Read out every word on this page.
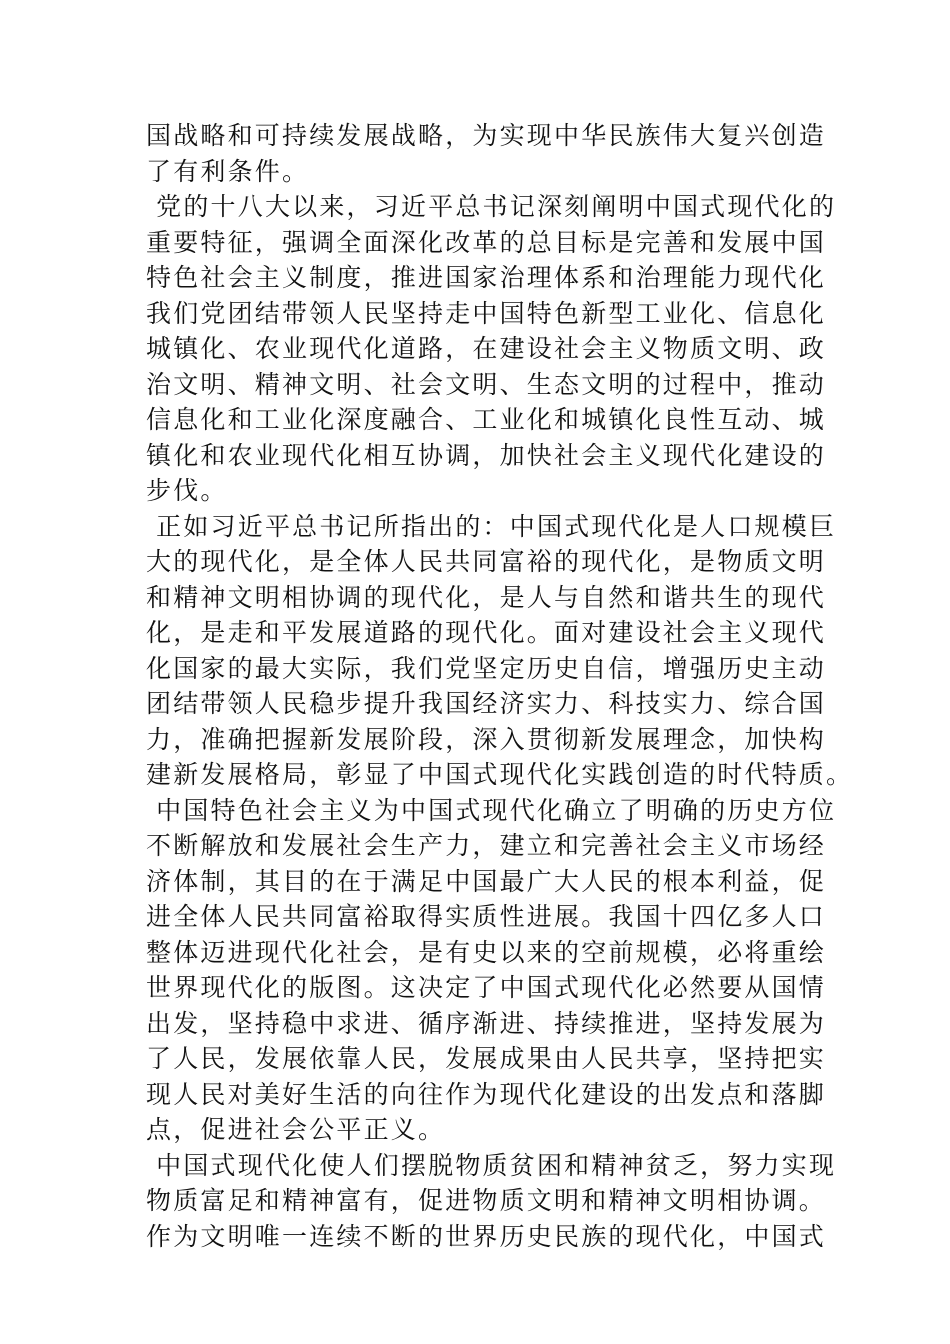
国战略和可持续发展战略，为实现中华民族伟大复兴创造
了有利条件。
党的十八大以来，习近平总书记深刻阐明中国式现代化的
重要特征，强调全面深化改革的总目标是完善和发展中国
特色社会主义制度，推进国家治理体系和治理能力现代化
我们党团结带领人民坚持走中国特色新型工业化、信息化
城镇化、农业现代化道路，在建设社会主义物质文明、政
治文明、精神文明、社会文明、生态文明的过程中，推动
信息化和工业化深度融合、工业化和城镇化良性互动、城
镇化和农业现代化相互协调，加快社会主义现代化建设的
步伐。
正如习近平总书记所指出的：中国式现代化是人口规模巨
大的现代化，是全体人民共同富裕的现代化，是物质文明
和精神文明相协调的现代化，是人与自然和谐共生的现代
化，是走和平发展道路的现代化。面对建设社会主义现代
化国家的最大实际，我们党坚定历史自信，增强历史主动
团结带领人民稳步提升我国经济实力、科技实力、综合国
力，准确把握新发展阶段，深入贯彻新发展理念，加快构
建新发展格局，彰显了中国式现代化实践创造的时代特质。
中国特色社会主义为中国式现代化确立了明确的历史方位
不断解放和发展社会生产力，建立和完善社会主义市场经
济体制，其目的在于满足中国最广大人民的根本利益，促
进全体人民共同富裕取得实质性进展。我国十四亿多人口
整体迈进现代化社会，是有史以来的空前规模，必将重绘
世界现代化的版图。这决定了中国式现代化必然要从国情
出发，坚持稳中求进、循序渐进、持续推进，坚持发展为
了人民，发展依靠人民，发展成果由人民共享，坚持把实
现人民对美好生活的向往作为现代化建设的出发点和落脚
点，促进社会公平正义。
中国式现代化使人们摆脱物质贫困和精神贫乏，努力实现
物质富足和精神富有，促进物质文明和精神文明相协调。
作为文明唯一连续不断的世界历史民族的现代化，中国式
